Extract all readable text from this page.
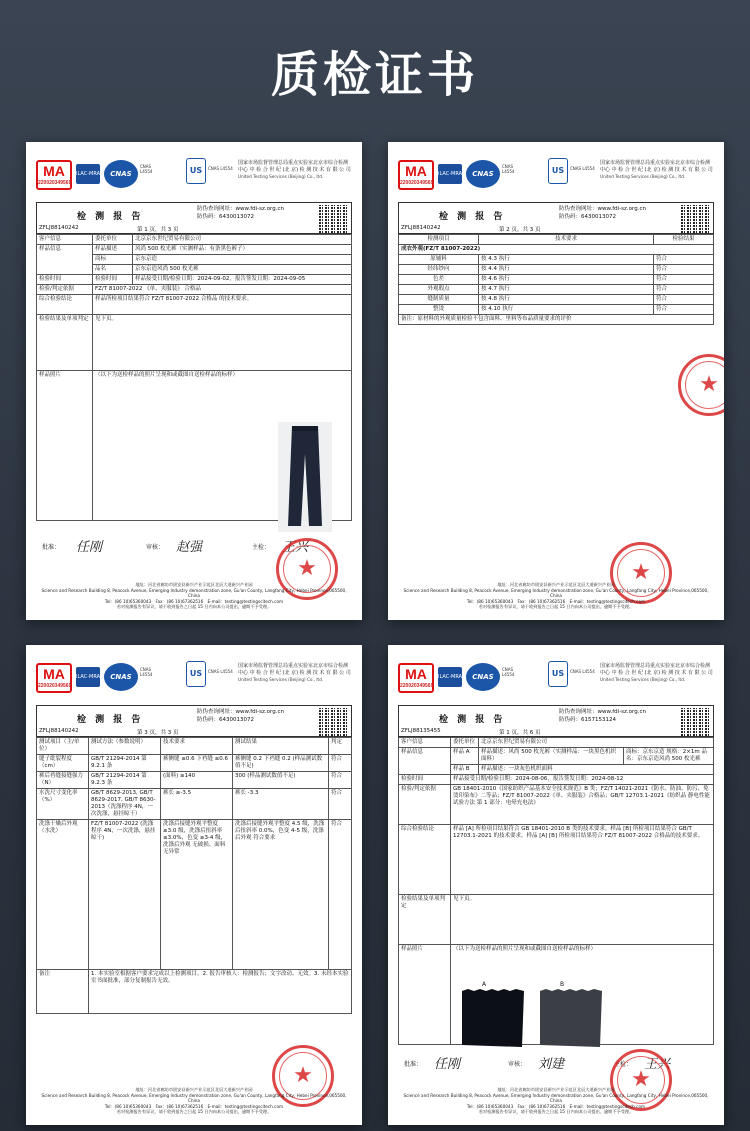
质检证书
MA
220020349569
ILAC-MRA	CNAS
CNAS L4554	US	CNAS L4554
国家市场监督管理总局重点实验室北京市综合检测中心 中 检 合 世 纪 (北 京) 检 测 技 术 有 限 公 司
United Testing Services (Beijing) Co., ltd.
检 测 报 告
ZFLJ88140242	第 1 页，共 3 页
防伪查询网址：www.fdi-sz.org.cn
防伪码：6430013072
客户信息	委托单位	北京京东世纪贸易有限公司
样品信息	样品描述	风尚 500 枚光裤（实测样品：有条黑色裤子）
	商标	京东京造
	品名	京东京造风尚 500 枚光裤
检验时间	检验时间	样品接受日期/检验日期：2024-09-02，报告签发日期：2024-09-05
检验/判定依据	FZ/T 81007-2022 《单、夹服装》 合格品	
综合检验结论	样品所检项目结果符合 FZ/T 81007-2022 合格品 的技术要求。	
检验结果及单项判定	见下页。	
样品照片	（以下为送检样品的照片呈现和或截图自送检样品的标样）	
批准： 任刚	审核： 赵强	主检： 王兴
★
地址：河北省廊坊市固安县新兴产业示范区北辰大道新兴产业园
Science and Research Building 8, Peacock Avenue, Emerging Industry demonstration zone, Gu'an County, Langfang City, Hebei Province,065500, China
Tel：(86 10)65360043　 Fax：(86 10)67362516　 E-mail：testing@testingscitech.com
若对检测报告有异议，请于收到报告之日起 15 日内向本公司提出，逾期不予受理。
MA
220020349569
ILAC-MRA	CNAS
CNAS L4554	US	CNAS L4554
国家市场监督管理总局重点实验室北京市综合检测中心 中 检 合 世 纪 (北 京) 检 测 技 术 有 限 公 司
United Testing Services (Beijing) Co., ltd.
检 测 报 告
ZFLJ88140242	第 2 页，共 3 页
防伪查询网址：www.fdi-sz.org.cn
防伪码：6430013072
检测项目	技术要求	检验结果
成衣外观(FZ/T 81007-2022)		
原辅料	按 4.3 执行	符合
经纬纱向	按 4.4 执行	符合
色差	按 4.6 执行	符合
外观瑕点	按 4.7 执行	符合
缝制质量	按 4.8 执行	符合
整烫	按 4.10 执行	符合
备注：原材料的外观质量检验不包含面料、里料等布品质量要求的评价		
★
★
地址：河北省廊坊市固安县新兴产业示范区北辰大道新兴产业园
Science and Research Building 8, Peacock Avenue, Emerging Industry demonstration zone, Gu'an County, Langfang City, Hebei Province,065500, China
Tel：(86 10)65360043　 Fax：(86 10)67362516　 E-mail：testing@testingscitech.com
若对检测报告有异议，请于收到报告之日起 15 日内向本公司提出，逾期不予受理。
MA
220020349569
ILAC-MRA	CNAS
CNAS L4554	US	CNAS L4554
国家市场监督管理总局重点实验室北京市综合检测中心 中 检 合 世 纪 (北 京) 检 测 技 术 有 限 公 司
United Testing Services (Beijing) Co., ltd.
检 测 报 告
ZFLJ88140242	第 3 页，共 3 页
防伪查询网址：www.fdi-sz.org.cn
防伪码：6430013072
测试项目（主/单位）	测试方法（参数说明）	技术要求	测试结果	判定
缝子纰裂程度（cm）	GB/T 21294-2014 第 9.2.1 条	裤侧缝 ≤0.6 下裆缝 ≤0.6	裤侧缝 0.2 下裆缝 0.2 (样品测试数值不足)	符合
裤后裆缝接缝强力（N）	GB/T 21294-2014 第 9.2.3 条	(面料) ≥140	300 (样品测试数值不足)	符合
水洗尺寸变化率（%）	GB/T 8629-2013, GB/T 8629-2017, GB/T 8630-2013（洗涤程序 4N，一次洗涤，悬挂晾干）	裤长 ≥-3.5	裤长 -3.3	符合
洗涤干燥后外观（水洗）	FZ/T 81007-2022 (洗涤程序 4N，一次洗涤，悬挂晾干)	洗涤后接缝外观平整度 ≥3.0 级，洗涤后扭斜率 ≤3.0%，色变 ≥3-4 级，洗涤后外观 无破损、面料无异常	洗涤后接缝外观平整度 4.5 级，洗涤后扭斜率 0.0%，色变 4-5 级，洗涤后外观 符合要求	符合
备注	1. 本实验室根据客户要求完成以上检测项目。2. 报告审核人：检测报告；文字改动、无效。3. 未经本实验室书面批准，部分复制报告无效。			
★
地址：河北省廊坊市固安县新兴产业示范区北辰大道新兴产业园
Science and Research Building 8, Peacock Avenue, Emerging Industry demonstration zone, Gu'an County, Langfang City, Hebei Province,065500, China
Tel：(86 10)65360043　 Fax：(86 10)67362516　 E-mail：testing@testingscitech.com
若对检测报告有异议，请于收到报告之日起 15 日内向本公司提出，逾期不予受理。
MA
220020349569
ILAC-MRA	CNAS
CNAS L4554	US	CNAS L4554
国家市场监督管理总局重点实验室北京市综合检测中心 中 检 合 世 纪 (北 京) 检 测 技 术 有 限 公 司
United Testing Services (Beijing) Co., ltd.
检 测 报 告
ZFLJ88135455	第 1 页，共 6 页
防伪查询网址：www.fdi-sz.org.cn
防伪码：6157153124
客户信息	委托单位	北京京东世纪贸易有限公司	
样品信息	样品 A	样品描述：风尚 500 枚光裤（实测样品：一块黑色机织面料）	商标：京东京造 规格：2×1m 品名：京东京造风尚 500 枚光裤
	样品 B	样品描述：一块灰色机织面料	
检验时间	样品接受日期/检验日期：2024-08-06，报告签发日期：2024-08-12		
检验/判定依据	GB 18401-2010《国家纺织产品基本安全技术规范》B 类；FZ/T 14021-2021《防水、防油、防污、免烫印染布》二等品；FZ/T 81007-2022《单、夹服装》合格品；GB/T 12703.1-2021《纺织品 静电性能试验方法 第 1 部分：电晕充电法》		
综合检验结论	样品 [A] 所检项目结果符合 GB 18401-2010 B 类的技术要求。样品 [B] 所检项目结果符合 GB/T 12703.1-2021 的技术要求。样品 [A] [B] 所检项目结果符合 FZ/T 81007-2022 合格品的技术要求。		
检验结果及单项判定	见下页。		
样品照片	（以下为送检样品的照片呈现和或截图自送检样品的标样）		
A	B
批准： 任刚	审核： 刘建	主检： 王兴
★
地址：河北省廊坊市固安县新兴产业示范区北辰大道新兴产业园
Science and Research Building 8, Peacock Avenue, Emerging Industry demonstration zone, Gu'an County, Langfang City, Hebei Province,065500, China
Tel：(86 10)65360043　 Fax：(86 10)67362516　 E-mail：testing@testingscitech.com
若对检测报告有异议，请于收到报告之日起 15 日内向本公司提出，逾期不予受理。
